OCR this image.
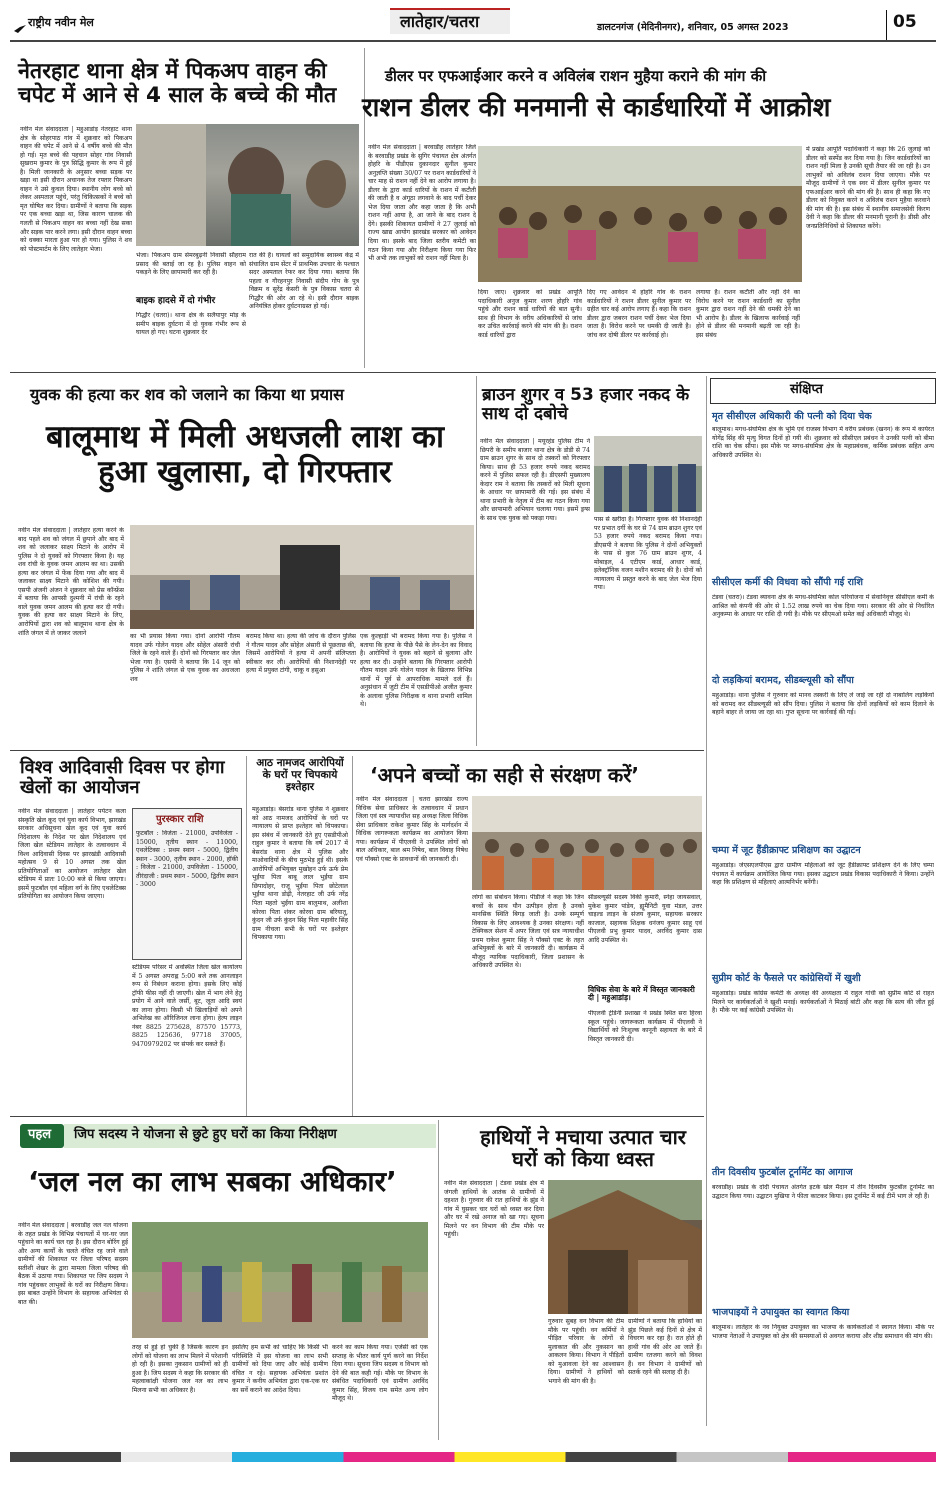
राष्ट्रीय नवीन मेल	लातेहार/चतरा	डालटनगंज (मेदिनीनगर), शनिवार, 05 अगस्त 2023	05
नेतरहाट थाना क्षेत्र में पिकअप वाहन की चपेट में आने से 4 साल के बच्चे की मौत
नवीन मेल संवाददाता | महुआडांड़ नेतरहाट थाना क्षेत्र के सोहरपाठ गांव में शुक्रवार को पिकअप वाहन की चपेट में आने से 4 वर्षीय बच्चे की मौत हो गई। मृत बच्चे की पहचान सोहर गांव निवासी सुखराम कुमार के पुत्र सिद्धि कुमार के रूप में हुई है। मिली जानकारी के अनुसार बच्चा सड़क पर खड़ा था इसी दौरान अचानक तेज रफ्तार पिकअप वाहन ने उसे कुचल दिया। स्थानीय लोग बच्चे को लेकर अस्पताल पहुंचे, परंतु चिकित्सकों ने बच्चे को मृत घोषित कर दिया। ग्रामीणों ने बताया कि सड़क पर एक बच्चा खड़ा था, जिस कारण चालक की गलती से पिकअप वाहन का बच्चा नहीं देख सका और सड़क पार करने लगा। इसी दौरान वाहन बच्चा को धक्का मारता हुआ पार हो गया। पुलिस ने शव को पोस्टमार्टम के लिए लातेहार भेजा।
भेजा। पिकअप ग्राम सेमरबुढ़नी निवासी सौहराम प्रसाद की बताई जा रह है। पुलिस वाहन को पकड़ने के लिए छापामारी कर रही है।
बाइक हादसे में दो गंभीर
गिद्धौर (चतरा)। थाना क्षेत्र के सलैयापुर मोड़ के समीप बाइक दुर्घटना में दो युवक गंभीर रूप से घायल हो गए। घटना शुक्रवार देर
रात की है। घायलों को समुदायिक स्वास्थ्य केंद्र में संचालित ग्राम सेंटर में प्राथमिक उपचार के पश्चात सदर अस्पताल रेफर कर दिया गया। बताया कि पहला व गौरहनपुर निवासी संदीप गोप के पुत्र विक्रम व सुरेंद्र केसरी के पुत्र विकास चतरा से गिद्धौर की ओर आ रहे थे। इसी दौरान बाइक अनियंत्रित होकर दुर्घटनाग्रस्त हो गई।
डीलर पर एफआईआर करने व अविलंब राशन मुहैया कराने की मांग की
राशन डीलर की मनमानी से कार्डधारियों में आक्रोश
नवीन मेल संवाददाता | बरवाडीह लातेहार जिले के बरवाडीह प्रखंड के सुगिर पंचायत क्षेत्र अंतर्गत होहरि के पीडीएस दुकानदार सुनील कुमार अनुज्ञप्ति संख्या 30/07 पर राशन कार्डधारियों ने चार माह से राशन नहीं देने का आरोप लगाया है। डीलर के द्वारा कार्ड धारियों के राशन में कटौती की जाती है व अंगूठा लगवाने के बाद पर्ची देकर भेज दिया जाता और कहा जाता है कि अभी राशन नहीं आया है, आ जाने के बाद राशन दे देंगे। इसकी शिकायत ग्रामीणों ने 27 जुलाई को राज्य खाद्य आयोग झारखंड सरकार को आवेदन दिया था। इसके बाद जिला स्तरीय कमेटी का गठन किया गया और निरीक्षण किया गया फिर भी अभी तक लाभुकों को राशन नहीं मिला है।
दिया जाए। शुक्रवार को प्रखंड आपूर्ति पदाधिकारी अनुज कुमार शरण होहरि गांव पहुंचे और राशन कार्ड धारियों की बात सुनी। साथ ही विभाग के वरीय अधिकारियों से जांच कर उचित कार्रवाई करने की मांग की है। राशन कार्ड धारियों द्वारा
दिए गए आवेदन में होहरि गांव के राशन कार्डधारियों ने राशन डीलर सुनील कुमार पर ग्रहीत चार कई आरोप लगाए हैं। कहा कि राशन डीलर द्वारा जबरन राशन पर्ची देकर भेज दिया जाता है। विरोध करने पर धमकी दी जाती है। जांच कर दोषी डीलर पर कार्रवाई हो।
लगाया है। राशन कटौती और नहीं देने का विरोध करने पर राशन कार्डधारी का सुनील कुमार द्वारा राशन नहीं देने की धमकी देने का भी आरोप है। डीलर के खिलाफ कार्रवाई नहीं होने से डीलर की मनमानी बढ़ती जा रही है। इस संबंध
में प्रखंड आपूर्ति पदाधिकारी ने कहा कि 26 जुलाई को डीलर को सस्पेंड कर दिया गया है। जिन कार्डधारियों का राशन नहीं मिला है उनकी सूची तैयार की जा रही है। उन लाभुकों को अविलंब राशन दिया जाएगा। मौके पर मौजूद ग्रामीणों ने एक स्वर में डीलर सुनील कुमार पर एफआईआर करने की मांग की है। साथ ही कहा कि नए डीलर को नियुक्त करने व अविलंब राशन मुहैया करवाने की मांग की है। इस संबंध में स्थानीय समाजसेवी किरण देवी ने कहा कि डीलर की मनमानी पूरानी है। डीसी और जनप्रतिनिधियों से शिकायत करेंगे।
युवक की हत्या कर शव को जलाने का किया था प्रयास
बालूमाथ में मिली अधजली लाश का हुआ खुलासा, दो गिरफ्तार
नवीन मेल संवाददाता | लातेहार हत्या करने के बाद पहले शव को जंगल में छुपाने और बाद में शव को जलाकर साक्ष्य मिटाने के आरोप में पुलिस ने दो युवकों को गिरफ्तार किया है। यह शव रांची के युवक जमन आलम का था। उसकी हत्या कर जंगल में फेंक दिया गया और बाद में जलाकर साक्ष्य मिटाने की कोशिश की गयी। एसपी अंजनी अंजन ने शुक्रवार को प्रेस कॉन्फ्रेंस में बताया कि आपसी दुश्मनी में रांची के रहने वाले युवक जमन आलम की हत्या कर दी गयी। युवक की हत्या कर साक्ष्य मिटाने के लिए, आरोपियों द्वारा शव को बालूमाथ थाना क्षेत्र के शांति जंगल में ले जाकर जलाने	का भी प्रयास किया गया। दोनों आरोपी गौतम यादव उर्फ गोलेन यादव और सोहेल अंसारी रांची जिले के रहने वाले हैं। दोनों को गिरफ्तार कर जेल भेजा गया है। एसपी ने बताया कि 14 जून को पुलिस ने शांति जंगल से एक युवक का अधजला शव
बरामद किया था। हत्या की जांच के दौरान पुलिस ने गौतम यादव और सोहेल अंसारी से पूछताछ की, जिसमें आरोपियों ने हत्या में अपनी संलिप्तता स्वीकार कर ली। आरोपियों की निशानदेही पर हत्या में प्रयुक्त टांगी, चाकू व हसुआ
एक कुल्हाड़ी भी बरामद किया गया है। पुलिस ने बताया कि हत्या के पीछे पैसे के लेन-देन का विवाद है। आरोपियों ने युवक को बहाने से बुलाया और हत्या कर दी। उन्होंने बताया कि गिरफ्तार आरोपी गौतम यादव उर्फ गोलेन यादव के खिलाफ विभिन्न थानों में पूर्व से आपराधिक मामले दर्ज हैं। अनुसंधान में जुटी टीम में एसडीपीओ अजीत कुमार के अलावा पुलिस निरीक्षक व थाना प्रभारी शामिल थे।
ब्राउन शुगर व 53 हजार नकद के साथ दो दबोचे
नवीन मेल संवाददाता | मयूरहंड पुलिस टीम ने छिपरी के समीप बाजार थाना क्षेत्र के डोडी से 74 ग्राम ब्राउन शुगर के साथ दो तस्करों को गिरफ्तार किया। साथ ही 53 हजार रुपये नकद बरामद करने में पुलिस सफल रही है। डीएसपी मुख्यालय केदार राम ने बताया कि तस्करों को मिली सूचना के आधार पर छापामारी की गई। इस संबंध में थाना प्रभारी के नेतृत्व में टीम का गठन किया गया और छापामारी अभियान चलाया गया। इसमें ड्रग्स के साथ एक युवक को पकड़ा गया।	पास से खरीदा है। गिरफ्तार युवक की निशानदेही पर प्रभात दर्गी के घर से 74 ग्राम ब्राउन शुगर एवं 53 हजार रुपये नकद बरामद किया गया। डीएसपी ने बताया कि पुलिस ने दोनों अभियुक्तों के पास से कुल 76 ग्राम ब्राउन शुगर, 4 मोबाइल, 4 एटीएम कार्ड, आधार कार्ड, इलेक्ट्रॉनिक वजन मशीन बरामद की है। दोनों को न्यायालय में प्रस्तुत करने के बाद जेल भेज दिया गया।
संक्षिप्त
मृत सीसीएल अधिकारी की पत्नी को दिया चेक
बालूमाथ। मगध-संघमित्रा क्षेत्र के भूमि एवं राजस्व विभाग में वरीय प्रबंधक (खनन) के रूप में कार्यरत योगेंद्र सिंह की मृत्यु विगत दिनों हो गयी थी। शुक्रवार को सीसीएल प्रबंधन ने उनकी पत्नी को बीमा राशि का चेक सौंपा। इस मौके पर मगध-संघमित्रा क्षेत्र के महाप्रबंधक, कर्मिक प्रबंधक सहित अन्य अधिकारी उपस्थित थे।
सीसीएल कर्मी की विधवा को सौंपी गई राशि
टंडवा (चतरा)। टंडवा ब्यावना क्षेत्र के मगध-संघमित्रा कोल परियोजना में सेवानिवृत्त सीसीएल कर्मी के आश्रित को कंपनी की ओर से 1.52 लाख रुपये का चेक दिया गया। सरकार की ओर से निर्धारित अनुकम्पा के आधार पर राशि दी गयी है। मौके पर सीएमओ समेत कई अधिकारी मौजूद थे।
दो लड़कियां बरामद, सीडब्ल्यूसी को सौंपा
महुआडांड़। थाना पुलिस ने गुरुवार को मानव तस्करी के लिए ले जाई जा रही दो नाबालिग लड़कियों को बरामद कर सीडब्ल्यूसी को सौंप दिया। पुलिस ने बताया कि दोनों लड़कियों को काम दिलाने के बहाने बाहर ले जाया जा रहा था। गुप्त सूचना पर कार्रवाई की गई।
चम्पा में जूट हैंडीक्राफ्ट प्रशिक्षण का उद्घाटन
महुआडांड़। जेएसएलपीएस द्वारा ग्रामीण महिलाओं को जूट हैंडीक्राफ्ट प्रशिक्षण देने के लिए चम्पा पंचायत में कार्यक्रम आयोजित किया गया। इसका उद्घाटन प्रखंड विकास पदाधिकारी ने किया। उन्होंने कहा कि प्रशिक्षण से महिलाएं आत्मनिर्भर बनेंगी।
सुप्रीम कोर्ट के फैसले पर कांग्रेसियों में खुशी
महुआडांड़। प्रखंड कांग्रेस कमेटी के अध्यक्ष की अध्यक्षता में राहुल गांधी को सुप्रीम कोर्ट से राहत मिलने पर कार्यकर्ताओं ने खुशी मनाई। कार्यकर्ताओं ने मिठाई बांटी और कहा कि सत्य की जीत हुई है। मौके पर कई कांग्रेसी उपस्थित थे।
तीन दिवसीय फुटबॉल टूर्नामेंट का आगाज
बरवाडीह। प्रखंड के दोदी पंचायत अंतर्गत इटके खेल मैदान में तीन दिवसीय फुटबॉल टूर्नामेंट का उद्घाटन किया गया। उद्घाटन मुखिया ने फीता काटकर किया। इस टूर्नामेंट में कई टीमें भाग ले रही हैं।
भाजपाइयों ने उपायुक्त का स्वागत किया
बालूमाथ। लातेहार के नव नियुक्त उपायुक्त का भाजपा के कार्यकर्ताओं ने स्वागत किया। मौके पर भाजपा नेताओं ने उपायुक्त को क्षेत्र की समस्याओं से अवगत कराया और शीघ्र समाधान की मांग की।
विश्व आदिवासी दिवस पर होगा खेलों का आयोजन
नवीन मेल संवाददाता | लातेहार पर्यटन कला संस्कृति खेल कूद एवं युवा कार्य विभाग, झारखंड सरकार अधिसूचना खेल कूद एवं युवा कार्य निदेशालय के निदेश पर खेल निदेशालय एवं जिला खेल स्टेडियम लातेहार के तत्वावधान में विश्व आदिवासी दिवस पर झारखंडी आदिवासी महोत्सव 9 से 10 अगस्त तक खेल प्रतियोगिताओं का आयोजन लातेहार खेल स्टेडियम में प्रातः 10:00 बजे से किया जाएगा। इसमें फुटबॉल एवं महिला वर्ग के लिए एथलेटिक्स प्रतियोगिता का आयोजन किया जाएगा।
पुरस्कार राशि
फुटबॉल : विजेता - 21000, उपविजेता - 15000, तृतीय स्थान - 11000, एथलेटिक्स : प्रथम स्थान - 5000, द्वितीय स्थान - 3000, तृतीय स्थान - 2000, हॉकी : विजेता - 21000, उपविजेता - 15000, तीरंदाजी : प्रथम स्थान - 5000, द्वितीय स्थान - 3000
स्टेडियम परिसर में अवस्थित जिला खेल कार्यालय में 5 अगस्त अपराह्न 5:00 बजे तक आनलाइन रूप से निबंधन कराना होगा। इसके लिए कोई ट्रॉफी फीस नहीं दी जाएगी। खेल में भाग लेने हेतु प्रयोग में आने वाले जर्सी, बूट, जूता आदि स्वयं का लाना होगा। किसी भी खिलाड़ियों को अपने अभिलेख का ऑरिजिनल लाना होगा। हेल्प लाइन नंबर 8825 275628, 87570 15773, 8825 125636, 97718 37005, 9470979202 पर संपर्क कर सकते हैं।
आठ नामजद आरोपियों के घरों पर चिपकाये इश्तेहार
महुआडांड़। बेसरांड थाना पुलिस ने शुक्रवार को आठ नामजद आरोपियों के घरों पर न्यायालय से प्राप्त इश्तेहार को चिपकाया। इस संबंध में जानकारी देते हुए एसडीपीओ राहुल कुमार ने बताया कि वर्ष 2017 में बेसरांड थाना क्षेत्र में पुलिस और माओवादियों के बीच मुठभेड़ हुई थी। इसके आरोपियों अभियुक्त मुखोहन उर्फ ऊर्फ प्रेम भुईंया पिता बाबू लाल भुईंया ग्राम छिपादोहर, राजू भुईंया पिता छोटेलाल भुईंया थाना डोढ़ी, नेतरहाट जी उर्फ नरेंद्र पिता महतो भुईंया ग्राम बालुमाथ, अलीशा कोरवा पिता शंकर कोरवा ग्राम बरियातू, कुंदन जी उर्फ कुंदन सिंह पिता महावीर सिंह ग्राम नीचला सभी के घरों पर इश्तेहार चिपकाया गया।
‘अपने बच्चों का सही से संरक्षण करें’
नवीन मेल संवाददाता | चतरा झारखंड राज्य विधिक सेवा प्राधिकार के तत्वावधान में प्रधान जिला एवं सत्र न्यायाधीश सह अध्यक्ष जिला विधिक सेवा प्राधिकार राकेश कुमार सिंह के मार्गदर्शन में विधिक जागरूकता कार्यक्रम का आयोजन किया गया। कार्यक्रम में पीएलवी ने उपस्थित लोगों को बाल अधिकार, बाल श्रम निषेध, बाल विवाह निषेध एवं पॉक्सो एक्ट के प्रावधानों की जानकारी दी।
लोगों का संबोधन किया। पीडीजे ने कहा कि जिन बच्चों के साथ यौन उत्पीड़न होता है उनको मानसिक स्थिति बिगड़ जाती है। उनके सम्पूर्ण विकास के लिए आवश्यक है उनका संरक्षण। नहीं टेक्निकल सेशन में अपर जिला एवं सत्र न्यायाधीश प्रथम राकेश कुमार सिंह ने पॉक्सो एक्ट के तहत अभियुक्तों के बारे में जानकारी दी। कार्यक्रम में मौजूद न्यायिक पदाधिकारी, जिला प्रशासन के अधिकारी उपस्थित थे।
सीडब्ल्यूसी सदस्य विकी कुमारी, स्नेहा जायसवाल, मुकेश कुमार पांडेय, ह्यूमैनिटी युवा मंडल, उत्तर चाइल्ड लाइन के संजय कुमार, सहायक सरकार काजाल, सहायक शिक्षक धनंजय कुमार साहू एवं पीएलवी प्रभु कुमार यादव, अरविंद कुमार दास आदि उपस्थित थे।
विधिक सेवा के बारे में विस्तृत जानकारी दी | महुआडांड़।
पीएलवी ट्रेडिनी प्रशाखा ने प्रखंड स्थित सरा हिरवा स्कूल पहुंचे। जागरूकता कार्यक्रम में पीएलवी ने विद्यार्थियों को निःशुल्क कानूनी सहायता के बारे में विस्तृत जानकारी दी।
पहल जिप सदस्य ने योजना से छुटे हुए घरों का किया निरीक्षण
‘जल नल का लाभ सबका अधिकार’
नवीन मेल संवाददाता | बरवाडीह जल नल योजना के तहत प्रखंड के विभिन्न पंचायतों में घर-घर जल पहुंचाने का कार्य चल रहा है। इस दौरान बोरिंग हुई और अन्य कार्यों के चलते वंचित रह जाने वाले ग्रामीणों की शिकायत पर जिला परिषद सदस्य सतीशी शेखर के द्वारा मामला जिला परिषद की बैठक में उठाया गया। शिकायत पर जिप सदस्य ने गांव पहुंचकर लाभुकों के घरों का निरीक्षण किया। इस बाबत उन्होंने विभाग के सहायक अभियंता से बात की।
तरह से हुई हो चुकी है जिसके कारण इन लोगों को योजना का लाभ मिलने में परेशानी हो रही है। इसका नुकसान ग्रामीणों को ही हुआ है। जिप सदस्य ने कहा कि सरकार की महत्वाकांक्षी योजना जल नल का लाभ मिलना सभी का अधिकार है।
इसलिए हम सभी को चाहिए कि किसी भी परिस्थिति में इस योजना का लाभ सभी ग्रामीणों को दिया जाए और कोई ग्रामीण वंचित न रहे। सहायक अभियंता प्रशांत कुमार ने कनीय अभियंता द्वारा एक-एक घर का सर्वे कराने का आदेश दिया।
करने का काम किया गया। एजेंसी को एक सप्ताह के भीतर कार्य पूर्ण करने का निर्देश दिया गया। सूचना जिप सदस्य व विभाग को देने की बात कही गई। मौके पर विभाग के संबंधित पदाधिकारी एवं ग्रामीण अरविंद कुमार सिंह, विजय राम समेत अन्य लोग मौजूद थे।
हाथियों ने मचाया उत्पात चार घरों को किया ध्वस्त
नवीन मेल संवाददाता | टंडवा प्रखंड क्षेत्र में जंगली हाथियों के आतंक से ग्रामीणों में दहशत है। गुरुवार की रात हाथियों के झुंड ने गांव में घुसकर चार घरों को ध्वस्त कर दिया और घर में रखे अनाज को खा गए। सूचना मिलने पर वन विभाग की टीम मौके पर पहुंची।
गुरुवार सुबह वन विभाग की टीम मौके पर पहुंची। वन कर्मियों ने पीड़ित परिवार के लोगों से मुलाकात की और नुकसान का आकलन किया। विभाग ने पीड़ितों को मुआवजा देने का आश्वासन दिया। ग्रामीणों ने हाथियों को भगाने की मांग की है।
ग्रामीणों ने बताया कि हाथियों का झुंड पिछले कई दिनों से क्षेत्र में विचरण कर रहा है। रात होते ही हाथी गांव की ओर आ जाते हैं। ग्रामीण रतजगा करने को विवश हैं। वन विभाग ने ग्रामीणों को सतर्क रहने की सलाह दी है।
